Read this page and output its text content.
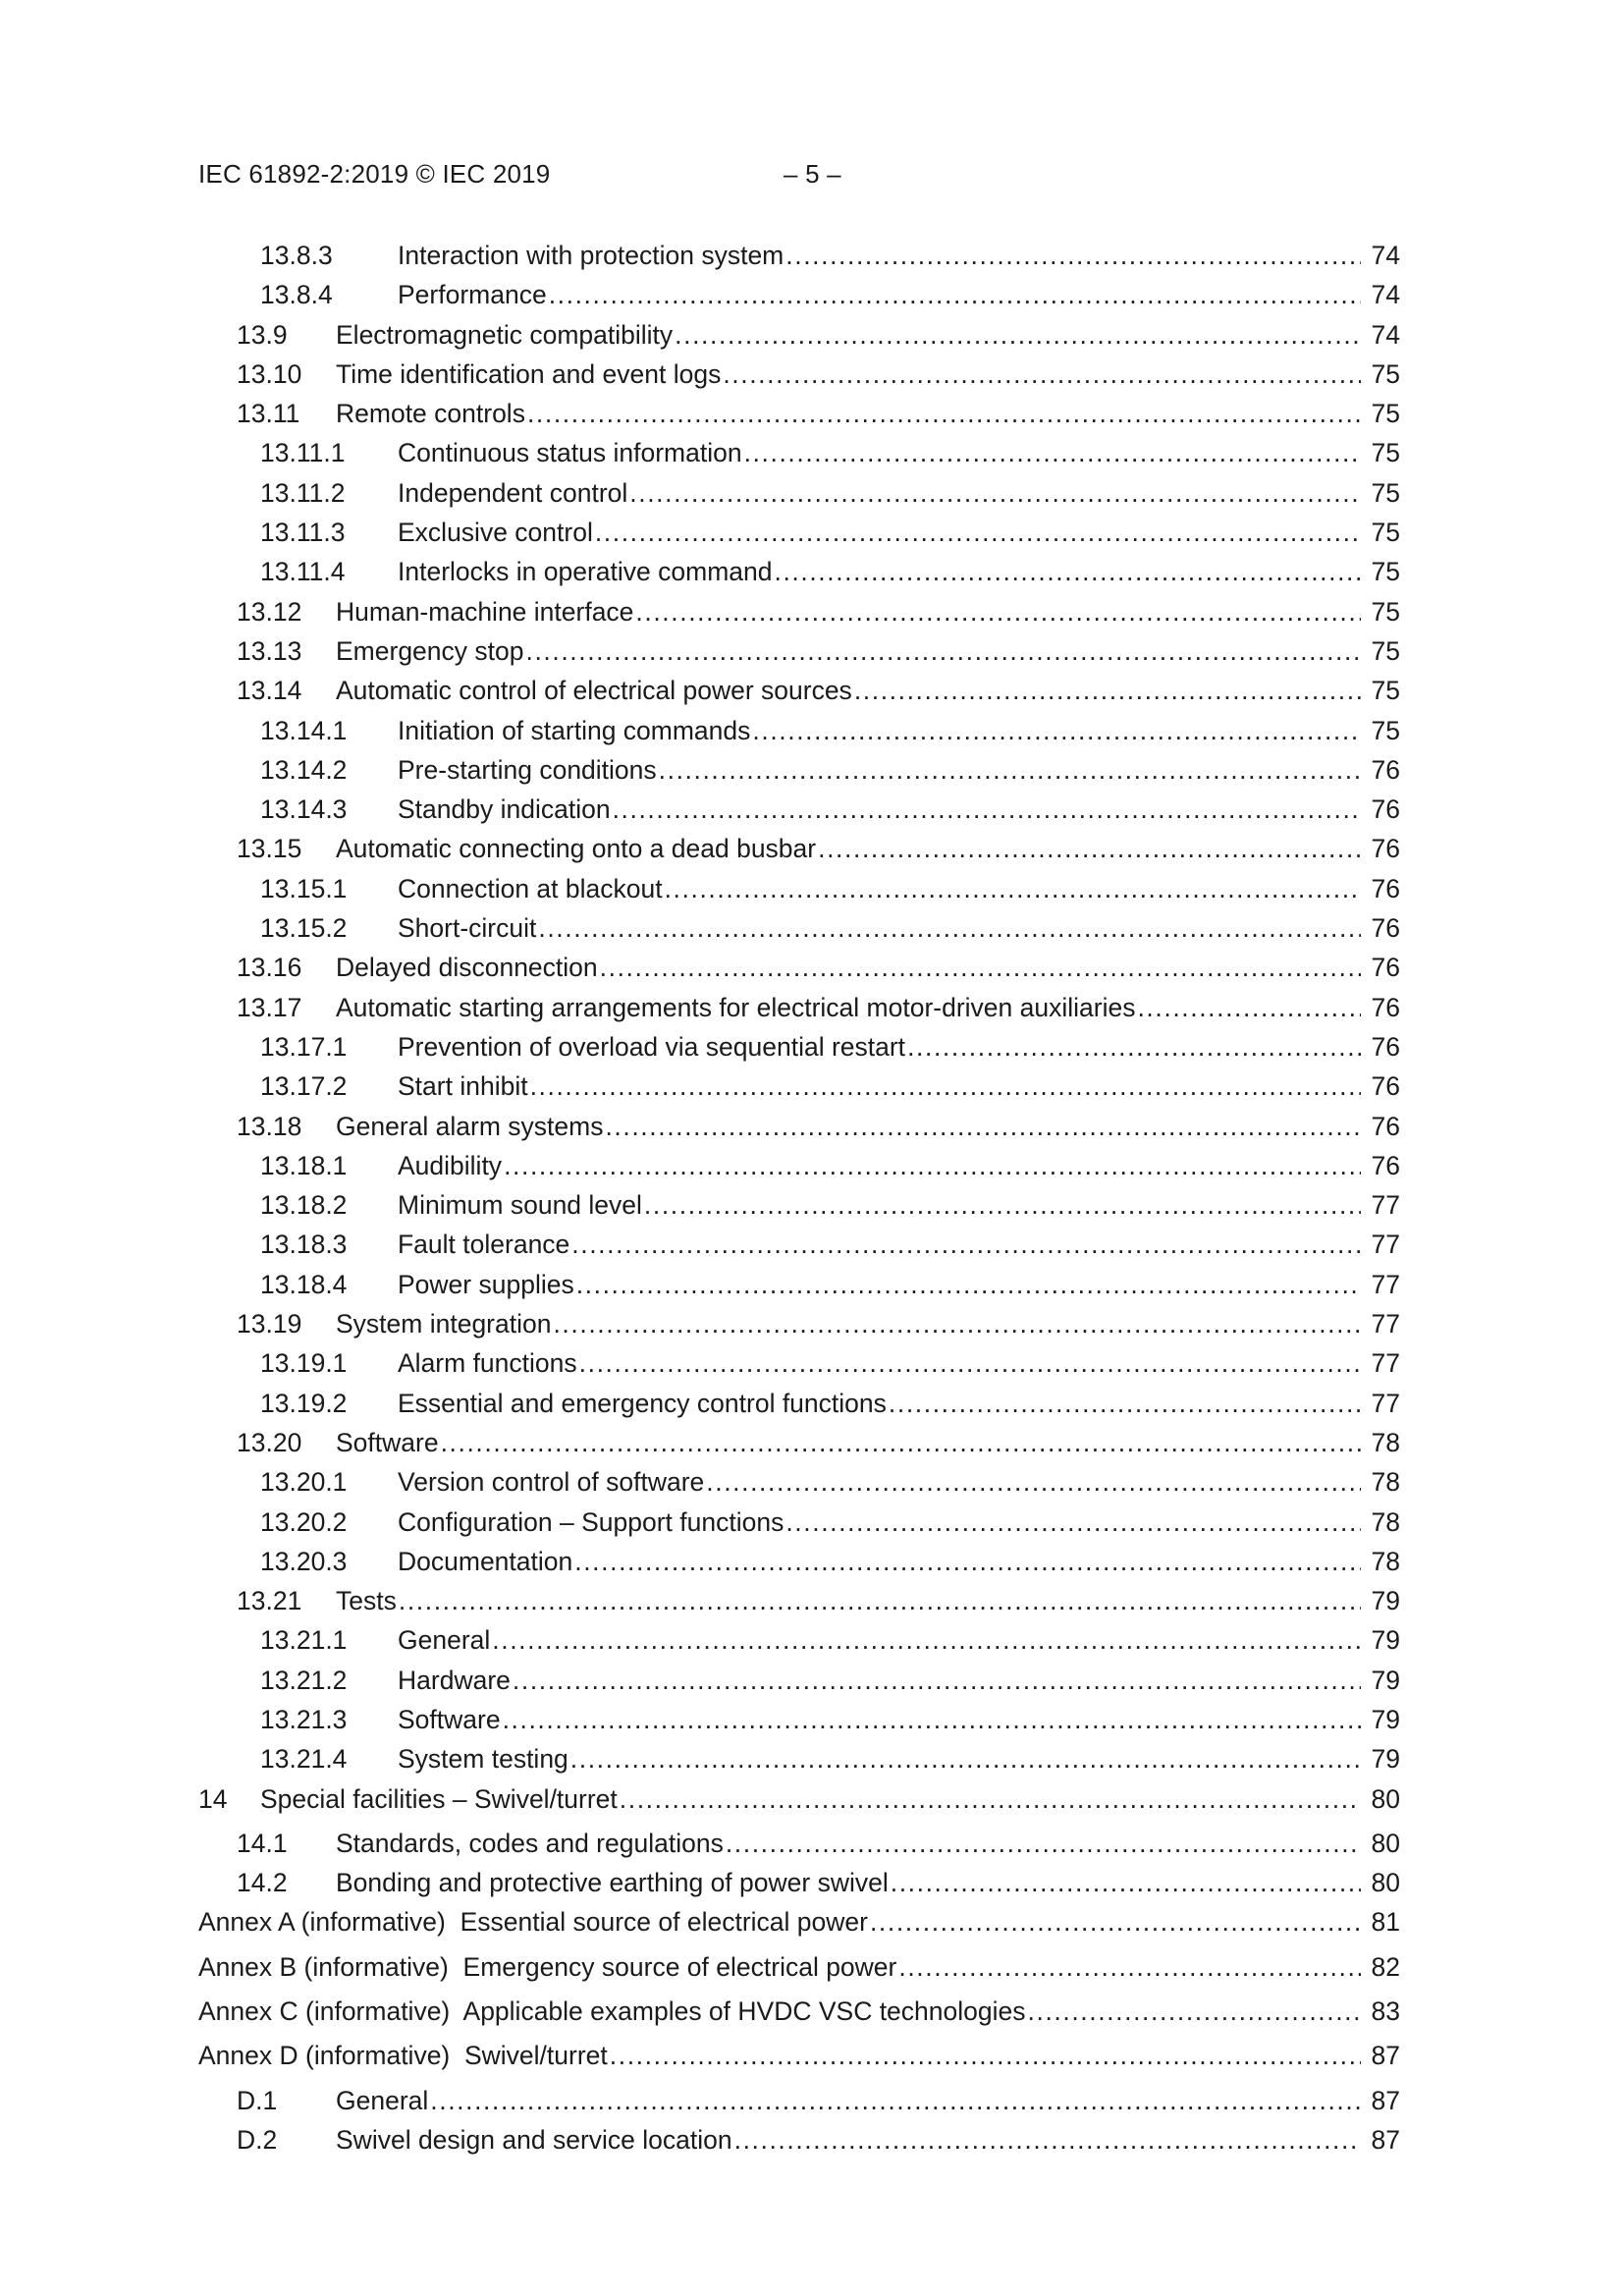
IEC 61892-2:2019 © IEC 2019	– 5 –
13.8.3	Interaction with protection system .....	74
13.8.4	Performance .....	74
13.9	Electromagnetic compatibility .....	74
13.10	Time identification and event logs .....	75
13.11	Remote controls .....	75
13.11.1	Continuous status information .....	75
13.11.2	Independent control .....	75
13.11.3	Exclusive control .....	75
13.11.4	Interlocks in operative command .....	75
13.12	Human-machine interface .....	75
13.13	Emergency stop .....	75
13.14	Automatic control of electrical power sources .....	75
13.14.1	Initiation of starting commands .....	75
13.14.2	Pre-starting conditions .....	76
13.14.3	Standby indication .....	76
13.15	Automatic connecting onto a dead busbar .....	76
13.15.1	Connection at blackout .....	76
13.15.2	Short-circuit .....	76
13.16	Delayed disconnection .....	76
13.17	Automatic starting arrangements for electrical motor-driven auxiliaries .....	76
13.17.1	Prevention of overload via sequential restart .....	76
13.17.2	Start inhibit .....	76
13.18	General alarm systems .....	76
13.18.1	Audibility .....	76
13.18.2	Minimum sound level .....	77
13.18.3	Fault tolerance .....	77
13.18.4	Power supplies .....	77
13.19	System integration .....	77
13.19.1	Alarm functions .....	77
13.19.2	Essential and emergency control functions .....	77
13.20	Software .....	78
13.20.1	Version control of software .....	78
13.20.2	Configuration – Support functions .....	78
13.20.3	Documentation .....	78
13.21	Tests .....	79
13.21.1	General .....	79
13.21.2	Hardware .....	79
13.21.3	Software .....	79
13.21.4	System testing .....	79
14	Special facilities – Swivel/turret .....	80
14.1	Standards, codes and regulations .....	80
14.2	Bonding and protective earthing of power swivel .....	80
Annex A (informative)  Essential source of electrical power .....	81
Annex B (informative)  Emergency source of electrical power .....	82
Annex C (informative)  Applicable examples of HVDC VSC technologies .....	83
Annex D (informative)  Swivel/turret .....	87
D.1	General .....	87
D.2	Swivel design and service location .....	87
